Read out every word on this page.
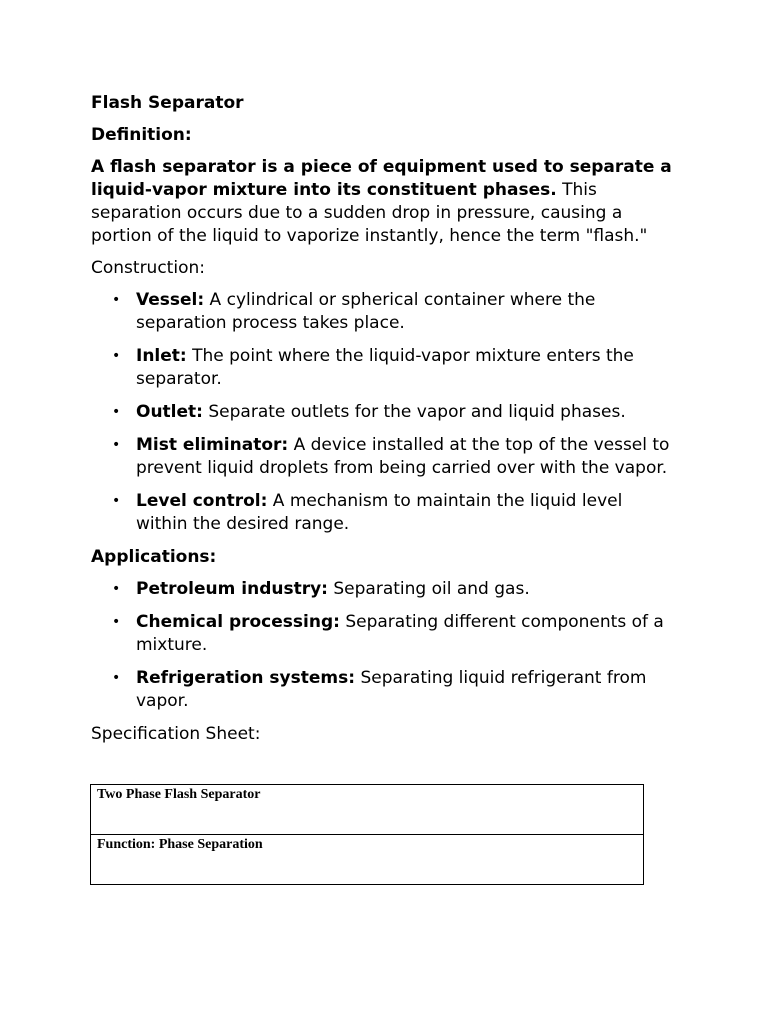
Flash Separator

Definition:

A flash separator is a piece of equipment used to separate a liquid-vapor mixture into its constituent phases. This separation occurs due to a sudden drop in pressure, causing a portion of the liquid to vaporize instantly, hence the term "flash."

Construction:

• Vessel: A cylindrical or spherical container where the separation process takes place.
• Inlet: The point where the liquid-vapor mixture enters the separator.
• Outlet: Separate outlets for the vapor and liquid phases.
• Mist eliminator: A device installed at the top of the vessel to prevent liquid droplets from being carried over with the vapor.
• Level control: A mechanism to maintain the liquid level within the desired range.

Applications:

• Petroleum industry: Separating oil and gas.
• Chemical processing: Separating different components of a mixture.
• Refrigeration systems: Separating liquid refrigerant from vapor.

Specification Sheet:

Two Phase Flash Separator
Function: Phase Separation
